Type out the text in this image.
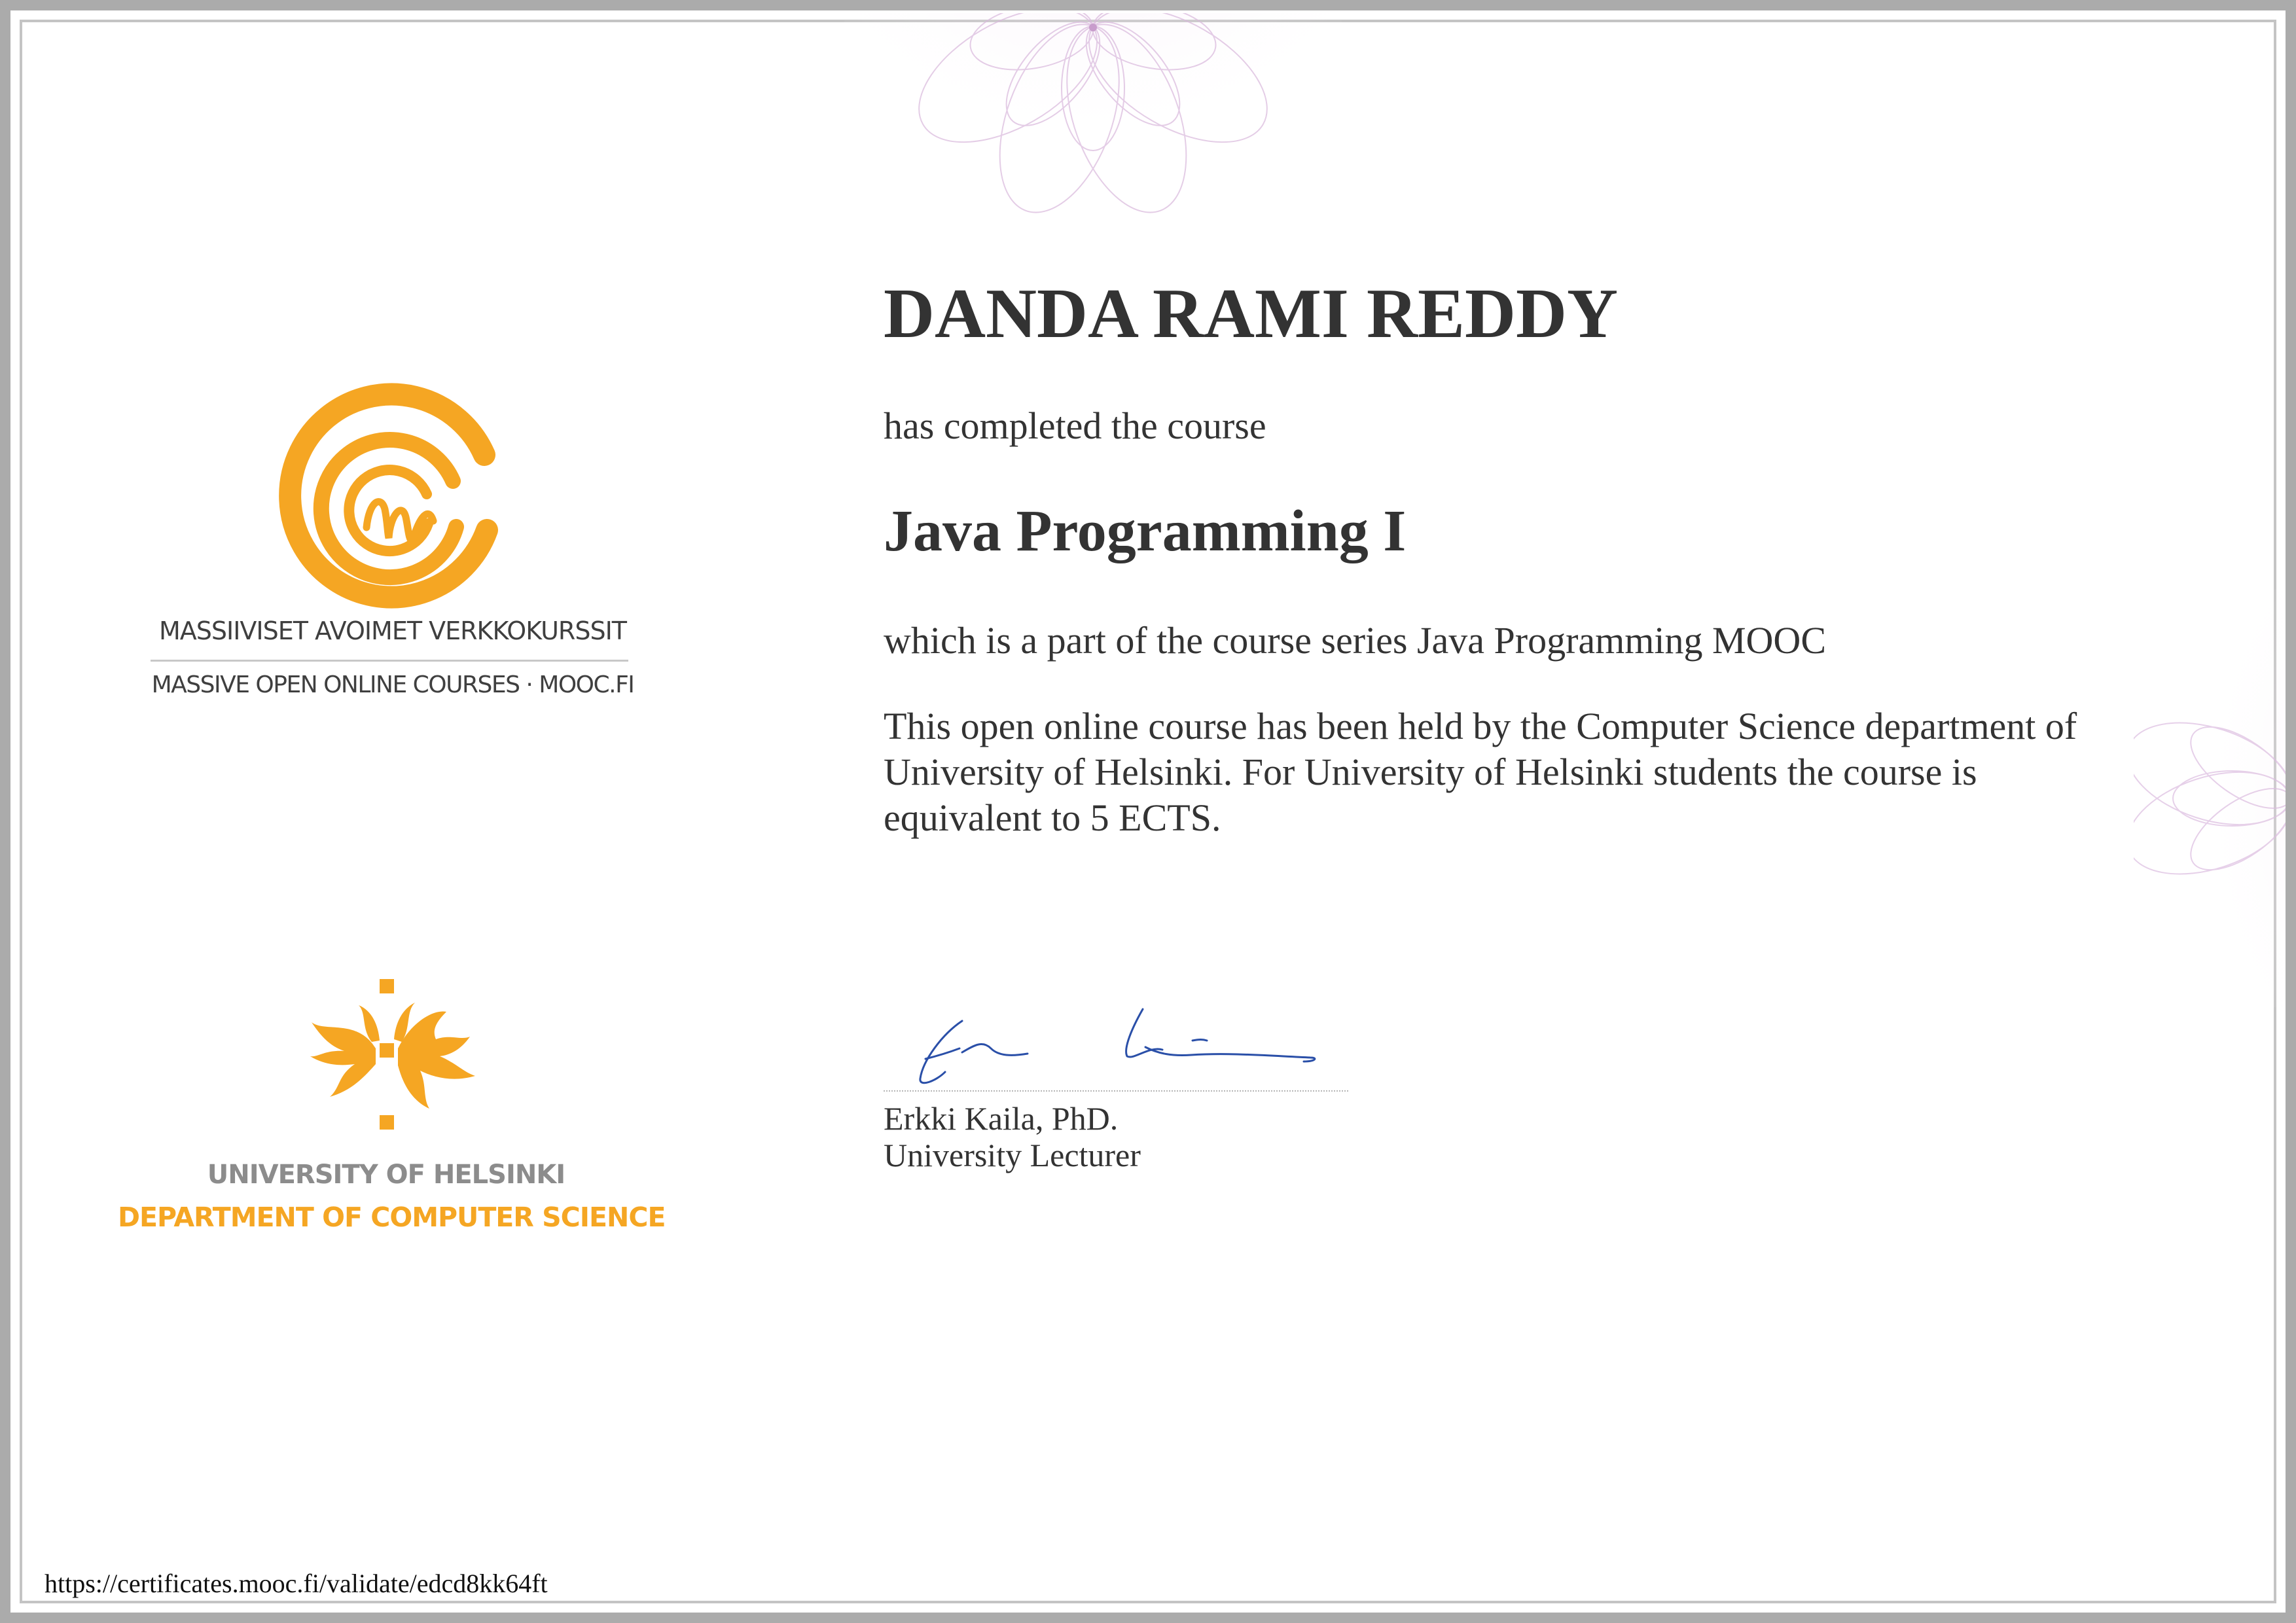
MASSIIVISET AVOIMET VERKKOKURSSIT
MASSIVE OPEN ONLINE COURSES · MOOC.FI
UNIVERSITY OF HELSINKI
DEPARTMENT OF COMPUTER SCIENCE
DANDA RAMI REDDY
has completed the course
Java Programming I
which is a part of the course series Java Programming MOOC
This open online course has been held by the Computer Science department of University of Helsinki. For University of Helsinki students the course is equivalent to 5 ECTS.
Erkki Kaila, PhD.
University Lecturer
https://certificates.mooc.fi/validate/edcd8kk64ft
